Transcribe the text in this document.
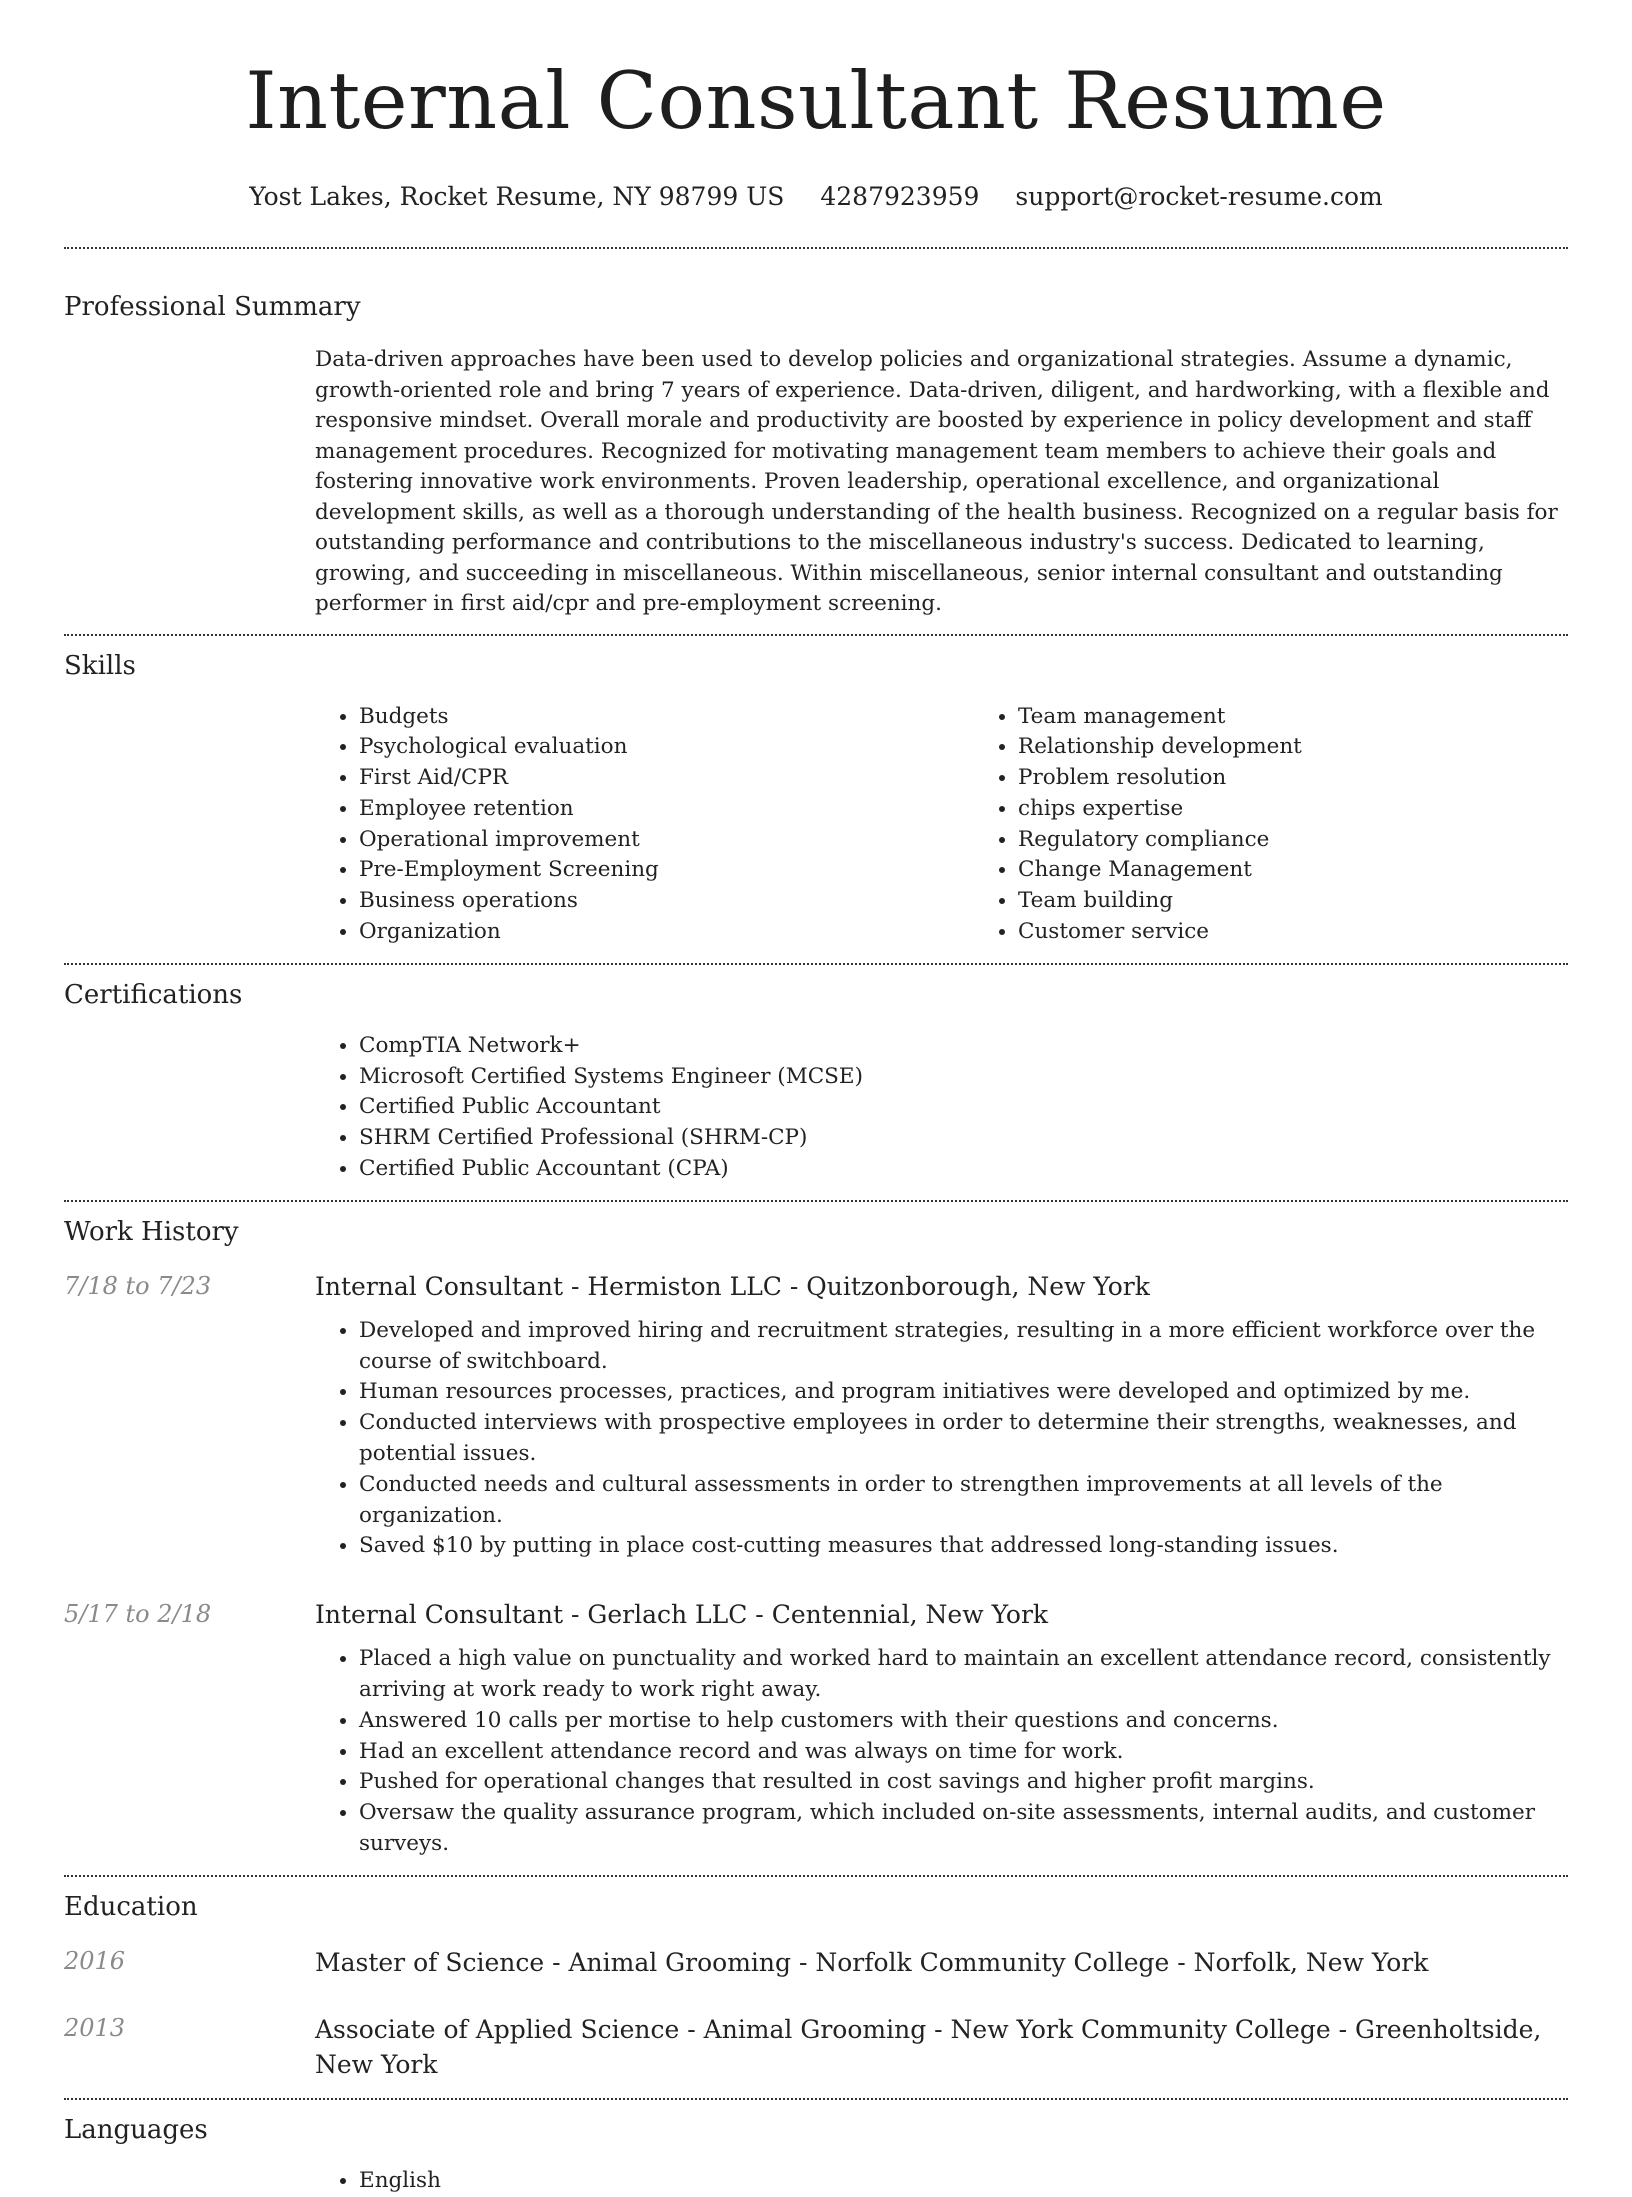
Internal Consultant Resume
Yost Lakes, Rocket Resume, NY 98799 US 4287923959 support@rocket-resume.com
Professional Summary

Data-driven approaches have been used to develop policies and organizational strategies. Assume a dynamic, growth-oriented role and bring 7 years of experience. Data-driven, diligent, and hardworking, with a flexible and responsive mindset. Overall morale and productivity are boosted by experience in policy development and staff management procedures. Recognized for motivating management team members to achieve their goals and fostering innovative work environments. Proven leadership, operational excellence, and organizational development skills, as well as a thorough understanding of the health business. Recognized on a regular basis for outstanding performance and contributions to the miscellaneous industry's success. Dedicated to learning, growing, and succeeding in miscellaneous. Within miscellaneous, senior internal consultant and outstanding performer in first aid/cpr and pre-employment screening.

Skills
• Budgets
• Psychological evaluation
• First Aid/CPR
• Employee retention
• Operational improvement
• Pre-Employment Screening
• Business operations
• Organization
• Team management
• Relationship development
• Problem resolution
• chips expertise
• Regulatory compliance
• Change Management
• Team building
• Customer service
Certifications
• CompTIA Network+
• Microsoft Certified Systems Engineer (MCSE)
• Certified Public Accountant
• SHRM Certified Professional (SHRM-CP)
• Certified Public Accountant (CPA)
Work History
7/18 to 7/23	Internal Consultant - Hermiston LLC - Quitzonborough, New York
• Developed and improved hiring and recruitment strategies, resulting in a more efficient workforce over the course of switchboard.
• Human resources processes, practices, and program initiatives were developed and optimized by me.
• Conducted interviews with prospective employees in order to determine their strengths, weaknesses, and potential issues.
• Conducted needs and cultural assessments in order to strengthen improvements at all levels of the organization.
• Saved $10 by putting in place cost-cutting measures that addressed long-standing issues.
5/17 to 2/18	Internal Consultant - Gerlach LLC - Centennial, New York
• Placed a high value on punctuality and worked hard to maintain an excellent attendance record, consistently arriving at work ready to work right away.
• Answered 10 calls per mortise to help customers with their questions and concerns.
• Had an excellent attendance record and was always on time for work.
• Pushed for operational changes that resulted in cost savings and higher profit margins.
• Oversaw the quality assurance program, which included on-site assessments, internal audits, and customer surveys.
Education
2016	Master of Science - Animal Grooming - Norfolk Community College - Norfolk, New York
2013	Associate of Applied Science - Animal Grooming - New York Community College - Greenholtside, New York
Languages
• English
